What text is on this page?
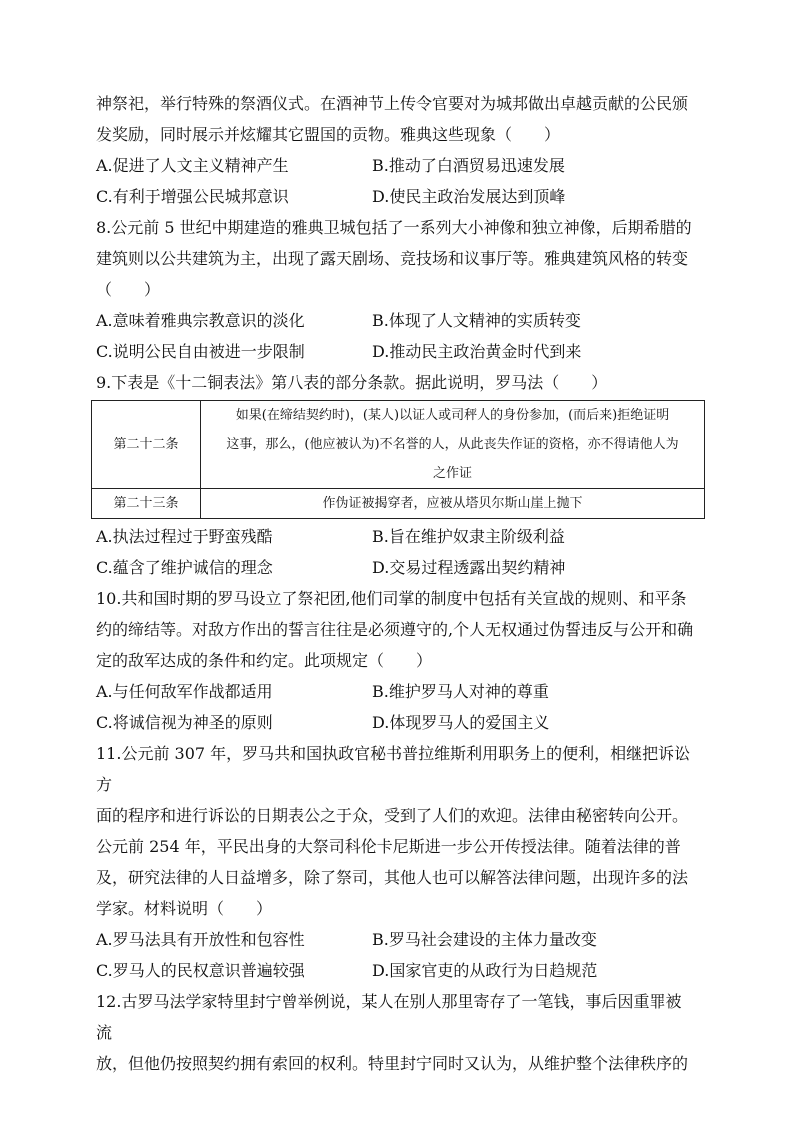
神祭祀，举行特殊的祭酒仪式。在酒神节上传令官要对为城邦做出卓越贡献的公民颁

发奖励，同时展示并炫耀其它盟国的贡物。雅典这些现象（　　）

A.促进了人文主义精神产生	B.推动了白酒贸易迅速发展
C.有利于增强公民城邦意识	D.使民主政治发展达到顶峰

8.公元前 5 世纪中期建造的雅典卫城包括了一系列大小神像和独立神像，后期希腊的

建筑则以公共建筑为主，出现了露天剧场、竞技场和议事厅等。雅典建筑风格的转变

（　　）

A.意味着雅典宗教意识的淡化	B.体现了人文精神的实质转变
C.说明公民自由被进一步限制	D.推动民主政治黄金时代到来

9.下表是《十二铜表法》第八表的部分条款。据此说明，罗马法（　　）

第二十二条	如果(在缔结契约时)，(某人)以证人或司秤人的身份参加，(而后来)拒绝证明
这事，那么，(他应被认为)不名誉的人，从此丧失作证的资格，亦不得请他人为
之作证

第二十三条	作伪证被揭穿者，应被从塔贝尔斯山崖上抛下
A.执法过程过于野蛮残酷	B.旨在维护奴隶主阶级利益
C.蕴含了维护诚信的理念	D.交易过程透露出契约精神

10.共和国时期的罗马设立了祭祀团,他们司掌的制度中包括有关宣战的规则、和平条

约的缔结等。对敌方作出的誓言往往是必须遵守的,个人无权通过伪誓违反与公开和确

定的敌军达成的条件和约定。此项规定（　　）

A.与任何敌军作战都适用	B.维护罗马人对神的尊重
C.将诚信视为神圣的原则	D.体现罗马人的爱国主义

11.公元前 307 年，罗马共和国执政官秘书普拉维斯利用职务上的便利，相继把诉讼方

面的程序和进行诉讼的日期表公之于众，受到了人们的欢迎。法律由秘密转向公开。

公元前 254 年，平民出身的大祭司科伦卡尼斯进一步公开传授法律。随着法律的普

及，研究法律的人日益增多，除了祭司，其他人也可以解答法律问题，出现许多的法

学家。材料说明（　　）

A.罗马法具有开放性和包容性	B.罗马社会建设的主体力量改变
C.罗马人的民权意识普遍较强	D.国家官吏的从政行为日趋规范

12.古罗马法学家特里封宁曾举例说，某人在别人那里寄存了一笔钱，事后因重罪被流

放，但他仍按照契约拥有索回的权利。特里封宁同时又认为，从维护整个法律秩序的
